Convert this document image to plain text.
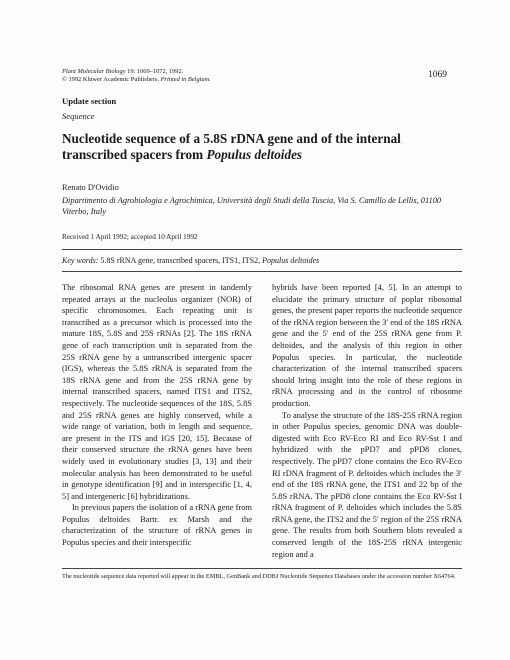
Plant Molecular Biology 19: 1069–1072, 1992.
© 1992 Kluwer Academic Publishers. Printed in Belgium.	1069
Update section
Sequence
Nucleotide sequence of a 5.8S rDNA gene and of the internal transcribed spacers from Populus deltoides
Renato D'Ovidio
Dipartimento di Agrobiologia e Agrochimica, Università degli Studi della Tuscia, Via S. Camillo de Lellis, 01100 Viterbo, Italy
Received 1 April 1992; accepted 10 April 1992
Key words: 5.8S rRNA gene, transcribed spacers, ITS1, ITS2, Populus deltoides

The ribosomal RNA genes are present in tandemly repeated arrays at the nucleolus organizer (NOR) of specific chromosomes. Each repeating unit is transcribed as a precursor which is processed into the mature 18S, 5.8S and 25S rRNAs [2]. The 18S rRNA gene of each transcription unit is separated from the 25S rRNA gene by a untranscribed intergenic spacer (IGS), whereas the 5.8S rRNA is separated from the 18S rRNA gene and from the 25S rRNA gene by internal transcribed spacers, named ITS1 and ITS2, respectively. The nucleotide sequences of the 18S, 5.8S and 25S rRNA genes are highly conserved, while a wide range of variation, both in length and sequence, are present in the ITS and IGS [20, 15]. Because of their conserved structure the rRNA genes have been widely used in evolutionary studies [3, 13] and their molecular analysis has been demonstrated to be useful in genotype identification [9] and in interspecific [1, 4, 5] and intergeneric [6] hybridizations.

In previous papers the isolation of a rRNA gene from Populus deltoides Bartr. ex Marsh and the characterization of the structure of rRNA genes in Populus species and their interspecific

hybrids have been reported [4, 5]. In an attempt to elucidate the primary structure of poplar ribosomal genes, the present paper reports the nucleotide sequence of the rRNA region between the 3′ end of the 18S rRNA gene and the 5′ end of the 25S rRNA gene from P. deltoides, and the analysis of this region in other Populus species. In particular, the nucleotide characterization of the internal transcribed spacers should bring insight into the role of these regions in rRNA processing and in the control of ribosome production.

To analyse the structure of the 18S-25S rRNA region in other Populus species, genomic DNA was double-digested with Eco RV-Eco RI and Eco RV-Sst I and hybridized with the pPD7 and pPD8 clones, respectively. The pPD7 clone contains the Eco RV-Eco RI rDNA fragment of P. deltoides which includes the 3′ end of the 18S rRNA gene, the ITS1 and 22 bp of the 5.8S rRNA. The pPD8 clone contains the Eco RV-Sst I rRNA fragment of P. deltoides which includes the 5.8S rRNA gene, the ITS2 and the 5′ region of the 25S rRNA gene. The results from both Southern blots revealed a conserved length of the 18S-25S rRNA intergenic region and a

The nucleotide sequence data reported will appear in the EMBL, GenBank and DDBJ Nucleotide Sequence Databases under the accession number X64764.
